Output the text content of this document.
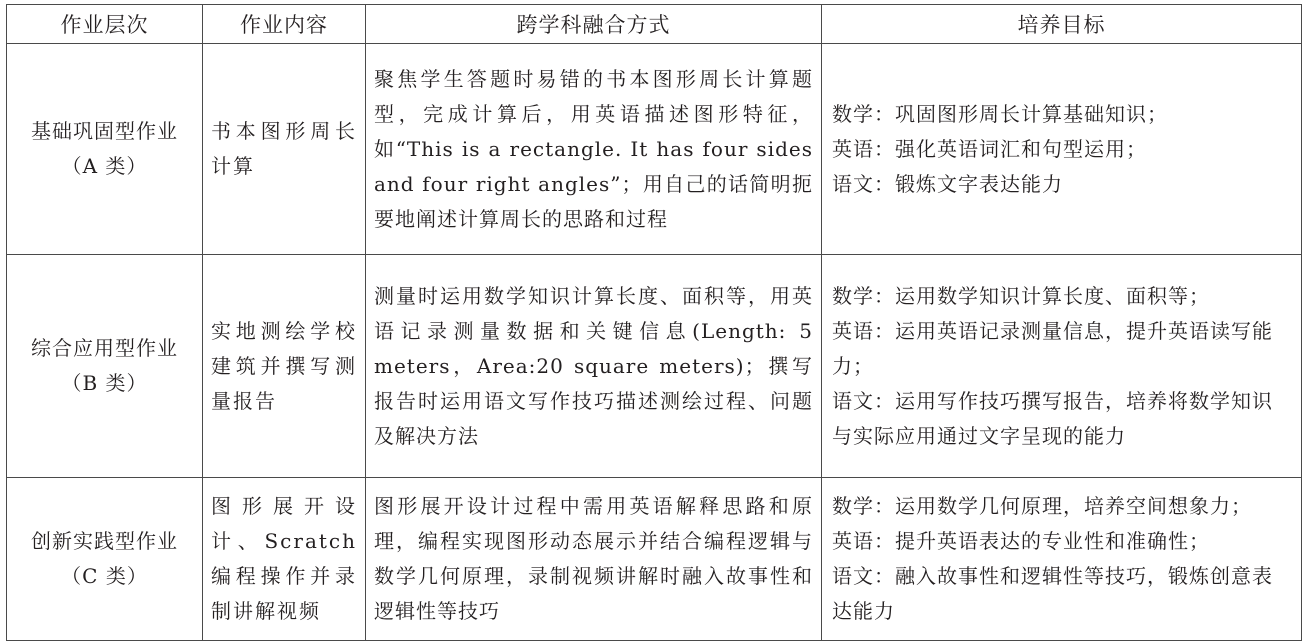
作业层次	作业内容	跨学科融合方式	培养目标

基础巩固型作业
（A 类）	书本图形周长计算	聚焦学生答题时易错的书本图形周长计算题型，完成计算后，用英语描述图形特征，如“This is a rectangle. It has four sides and four right angles”；用自己的话简明扼要地阐述计算周长的思路和过程	数学：巩固图形周长计算基础知识；
英语：强化英语词汇和句型运用；
语文：锻炼文字表达能力

综合应用型作业
（B 类）	实地测绘学校建筑并撰写测量报告	测量时运用数学知识计算长度、面积等，用英语记录测量数据和关键信息(Length: 5 meters，Area:20 square meters)；撰写报告时运用语文写作技巧描述测绘过程、问题及解决方法	数学：运用数学知识计算长度、面积等；
英语：运用英语记录测量信息，提升英语读写能力；
语文：运用写作技巧撰写报告，培养将数学知识与实际应用通过文字呈现的能力

创新实践型作业
（C 类）	图形展开设计、Scratch 编程操作并录制讲解视频	图形展开设计过程中需用英语解释思路和原理，编程实现图形动态展示并结合编程逻辑与数学几何原理，录制视频讲解时融入故事性和逻辑性等技巧	数学：运用数学几何原理，培养空间想象力；
英语：提升英语表达的专业性和准确性；
语文：融入故事性和逻辑性等技巧，锻炼创意表达能力
